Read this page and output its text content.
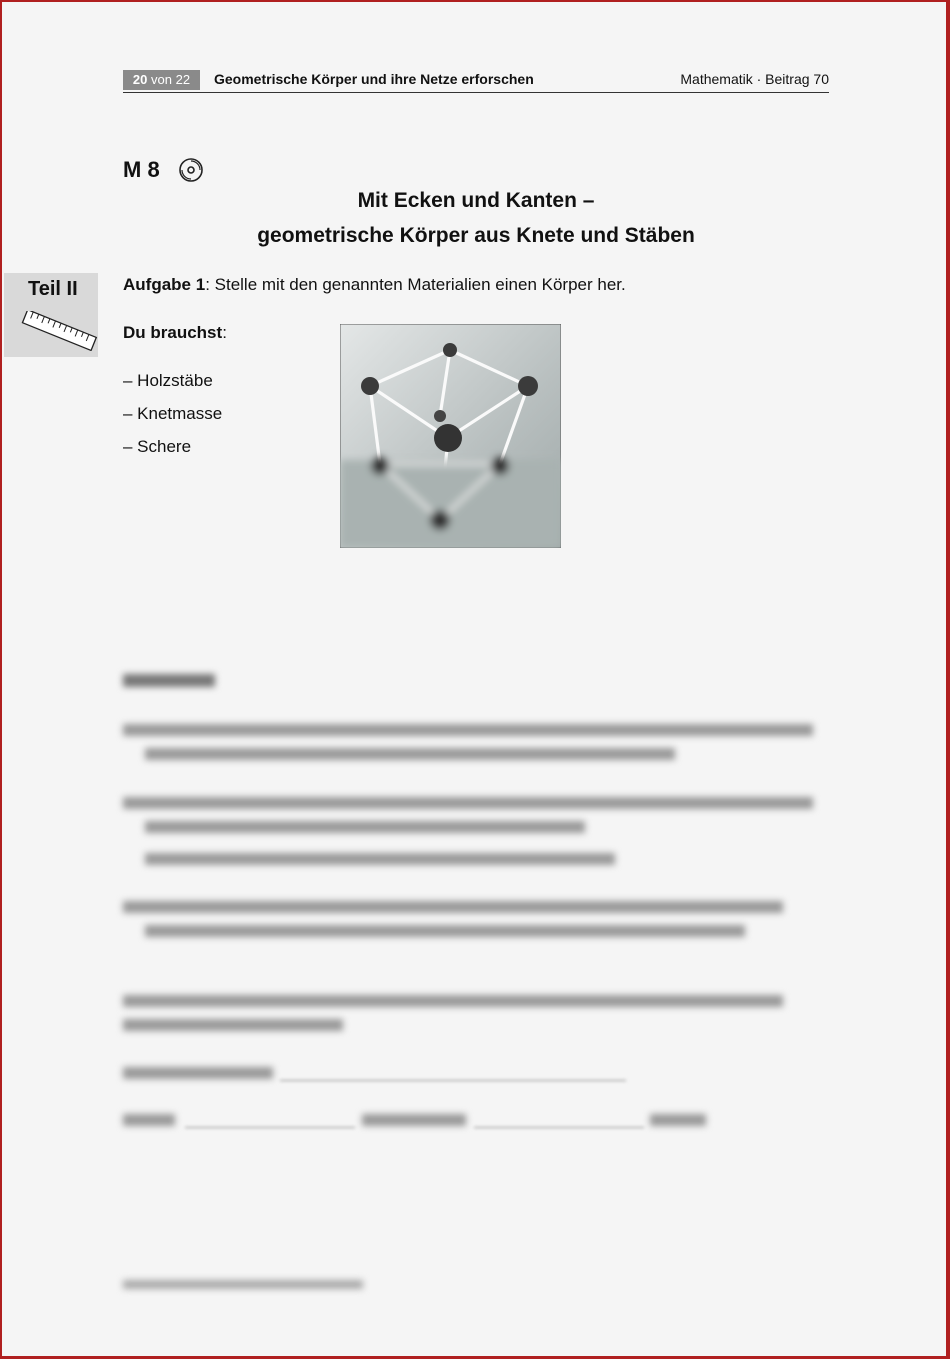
20 von 22	Geometrische Körper und ihre Netze erforschen	Mathematik · Beitrag 70
M 8
Mit Ecken und Kanten –
geometrische Körper aus Knete und Stäben
Teil II	Aufgabe 1: Stelle mit den genannten Materialien einen Körper her.
Du brauchst:
– Holzstäbe
– Knetmasse
– Schere
